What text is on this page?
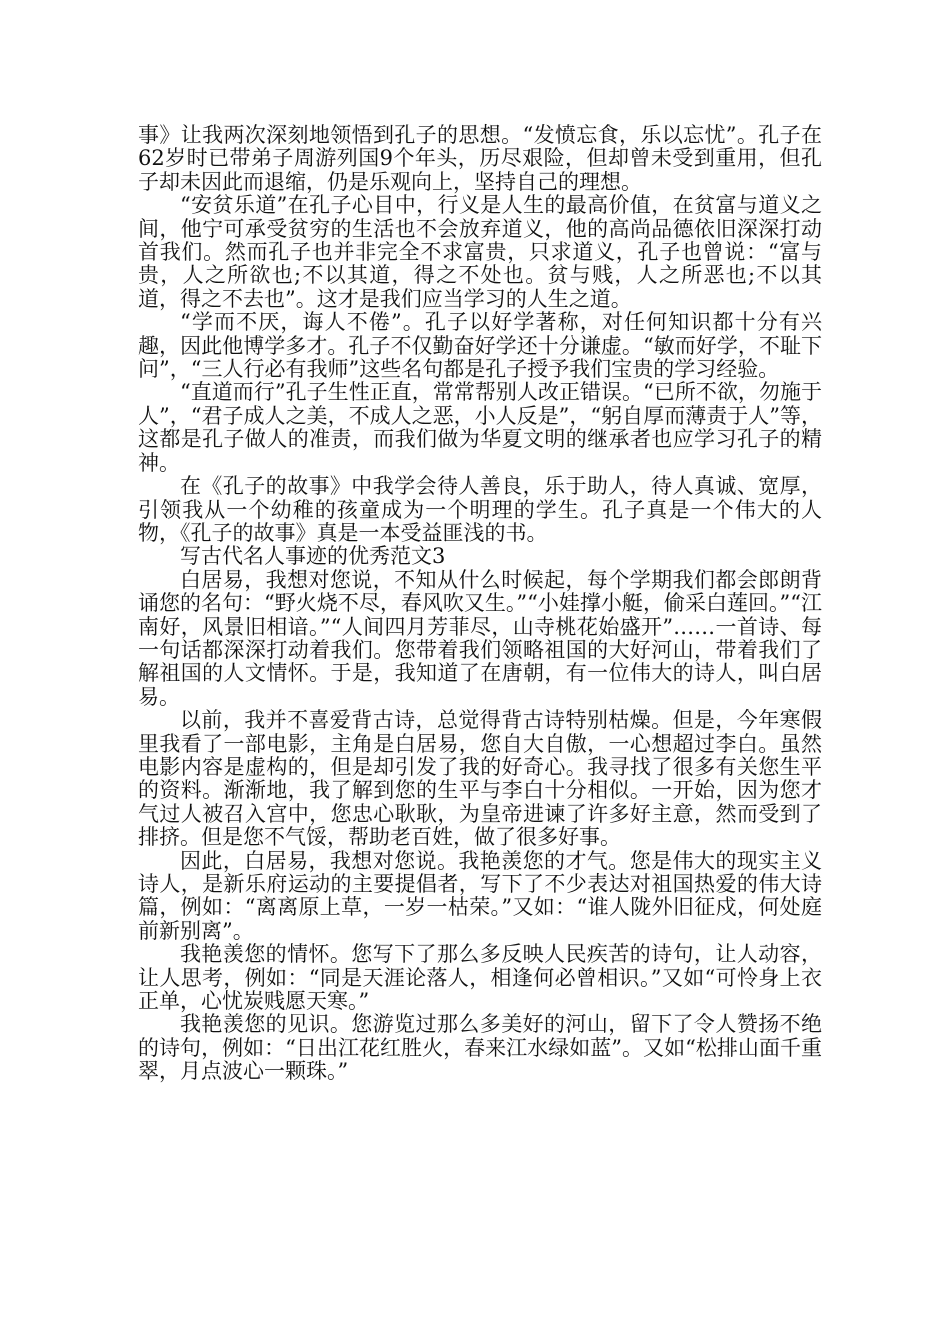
事》让我两次深刻地领悟到孔子的思想。“发愤忘食，乐以忘忧”。孔子在62岁时已带弟子周游列国9个年头，历尽艰险，但却曾未受到重用，但孔子却未因此而退缩，仍是乐观向上，坚持自己的理想。

“安贫乐道”在孔子心目中，行义是人生的最高价值，在贫富与道义之间，他宁可承受贫穷的生活也不会放弃道义，他的高尚品德依旧深深打动首我们。然而孔子也并非完全不求富贵，只求道义，孔子也曾说：“富与贵，人之所欲也;不以其道，得之不处也。贫与贱，人之所恶也;不以其道，得之不去也”。这才是我们应当学习的人生之道。

“学而不厌，诲人不倦”。孔子以好学著称，对任何知识都十分有兴趣，因此他博学多才。孔子不仅勤奋好学还十分谦虚。“敏而好学，不耻下问”，“三人行必有我师”这些名句都是孔子授予我们宝贵的学习经验。

“直道而行”孔子生性正直，常常帮别人改正错误。“已所不欲，勿施于人”，“君子成人之美，不成人之恶，小人反是”，“躬自厚而薄责于人”等，这都是孔子做人的准责，而我们做为华夏文明的继承者也应学习孔子的精神。

在《孔子的故事》中我学会待人善良，乐于助人，待人真诚、宽厚，引领我从一个幼稚的孩童成为一个明理的学生。孔子真是一个伟大的人物，《孔子的故事》真是一本受益匪浅的书。

写古代名人事迹的优秀范文3

白居易，我想对您说，不知从什么时候起，每个学期我们都会郎朗背诵您的名句：“野火烧不尽，春风吹又生。”“小娃撑小艇，偷采白莲回。”“江南好，风景旧相谙。”“人间四月芳菲尽，山寺桃花始盛开”……一首诗、每一句话都深深打动着我们。您带着我们领略祖国的大好河山，带着我们了解祖国的人文情怀。于是，我知道了在唐朝，有一位伟大的诗人，叫白居易。

以前，我并不喜爱背古诗，总觉得背古诗特别枯燥。但是，今年寒假里我看了一部电影，主角是白居易，您自大自傲，一心想超过李白。虽然电影内容是虚构的，但是却引发了我的好奇心。我寻找了很多有关您生平的资料。渐渐地，我了解到您的生平与李白十分相似。一开始，因为您才气过人被召入宫中，您忠心耿耿，为皇帝进谏了许多好主意，然而受到了排挤。但是您不气馁，帮助老百姓，做了很多好事。

因此，白居易，我想对您说。我艳羡您的才气。您是伟大的现实主义诗人，是新乐府运动的主要提倡者，写下了不少表达对祖国热爱的伟大诗篇，例如：“离离原上草，一岁一枯荣。”又如：“谁人陇外旧征戍，何处庭前新别离”。

我艳羡您的情怀。您写下了那么多反映人民疾苦的诗句，让人动容，让人思考，例如：“同是天涯论落人，相逢何必曾相识。”又如“可怜身上衣正单，心忧炭贱愿天寒。”

我艳羡您的见识。您游览过那么多美好的河山，留下了令人赞扬不绝的诗句，例如：“日出江花红胜火，春来江水绿如蓝”。又如“松排山面千重翠，月点波心一颗珠。”
